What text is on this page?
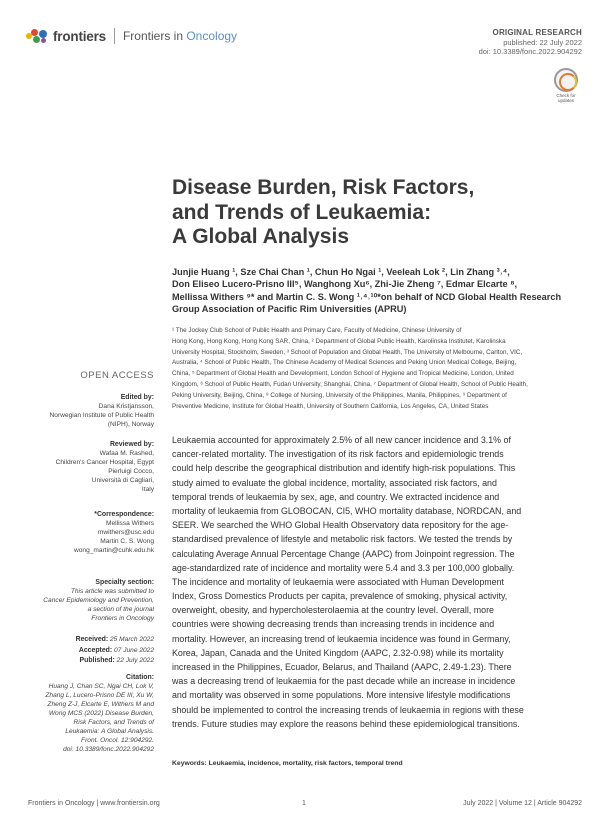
frontiers Frontiers in Oncology	ORIGINAL RESEARCH
published: 22 July 2022
doi: 10.3389/fonc.2022.904292
Check for updates
Disease Burden, Risk Factors,
and Trends of Leukaemia:
A Global Analysis
Junjie Huang ¹, Sze Chai Chan ¹, Chun Ho Ngai ¹, Veeleah Lok ², Lin Zhang ³˒⁴,
Don Eliseo Lucero-Prisno III⁵, Wanghong Xu⁶, Zhi-Jie Zheng ⁷, Edmar Elcarte ⁸,
Mellissa Withers ⁹* and Martin C. S. Wong ¹˒⁴˒¹⁰*on behalf of NCD Global Health Research
Group Association of Pacific Rim Universities (APRU)
¹ The Jockey Club School of Public Health and Primary Care, Faculty of Medicine, Chinese University of
Hong Kong, Hong Kong, Hong Kong SAR, China, ² Department of Global Public Health, Karolinska Institutet, Karolinska
University Hospital, Stockholm, Sweden, ³ School of Population and Global Health, The University of Melbourne, Carlton, VIC,
Australia, ⁴ School of Public Health, The Chinese Academy of Medical Sciences and Peking Union Medical College, Beijing,
China, ⁵ Department of Global Health and Development, London School of Hygiene and Tropical Medicine, London, United
Kingdom, ⁶ School of Public Health, Fudan University, Shanghai, China, ⁷ Department of Global Health, School of Public Health,
Peking University, Beijing, China, ⁸ College of Nursing, University of the Philippines, Manila, Philippines, ⁹ Department of
Preventive Medicine, Institute for Global Health, University of Southern California, Los Angeles, CA, United States
OPEN ACCESS
Edited by:
Dana Kristjansson,
Norwegian Institute of Public Health
(NIPH), Norway
Reviewed by:
Wafaa M. Rashed,
Children's Cancer Hospital, Egypt
Pierluigi Cocco,
Università di Cagliari,
Italy
*Correspondence:
Mellissa Withers
mwithers@usc.edu
Martin C. S. Wong
wong_martin@cuhk.edu.hk
Specialty section:
This article was submitted to
Cancer Epidemiology and Prevention,
a section of the journal
Frontiers in Oncology
Received: 25 March 2022
Accepted: 07 June 2022
Published: 22 July 2022
Citation:
Huang J, Chan SC, Ngai CH, Lok V,
Zhang L, Lucero-Prisno DE III, Xu W,
Zheng Z-J, Elcarte E, Withers M and
Wong MCS (2022) Disease Burden,
Risk Factors, and Trends of
Leukaemia: A Global Analysis.
Front. Oncol. 12:904292.
doi: 10.3389/fonc.2022.904292
Leukaemia accounted for approximately 2.5% of all new cancer incidence and 3.1% of
cancer-related mortality. The investigation of its risk factors and epidemiologic trends
could help describe the geographical distribution and identify high-risk populations. This
study aimed to evaluate the global incidence, mortality, associated risk factors, and
temporal trends of leukaemia by sex, age, and country. We extracted incidence and
mortality of leukaemia from GLOBOCAN, CI5, WHO mortality database, NORDCAN, and
SEER. We searched the WHO Global Health Observatory data repository for the age-
standardised prevalence of lifestyle and metabolic risk factors. We tested the trends by
calculating Average Annual Percentage Change (AAPC) from Joinpoint regression. The
age-standardized rate of incidence and mortality were 5.4 and 3.3 per 100,000 globally.
The incidence and mortality of leukaemia were associated with Human Development
Index, Gross Domestics Products per capita, prevalence of smoking, physical activity,
overweight, obesity, and hypercholesterolaemia at the country level. Overall, more
countries were showing decreasing trends than increasing trends in incidence and
mortality. However, an increasing trend of leukaemia incidence was found in Germany,
Korea, Japan, Canada and the United Kingdom (AAPC, 2.32-0.98) while its mortality
increased in the Philippines, Ecuador, Belarus, and Thailand (AAPC, 2.49-1.23). There
was a decreasing trend of leukaemia for the past decade while an increase in incidence
and mortality was observed in some populations. More intensive lifestyle modifications
should be implemented to control the increasing trends of leukaemia in regions with these
trends. Future studies may explore the reasons behind these epidemiological transitions.
Keywords: Leukaemia, incidence, mortality, risk factors, temporal trend
Frontiers in Oncology | www.frontiersin.org	1	July 2022 | Volume 12 | Article 904292
